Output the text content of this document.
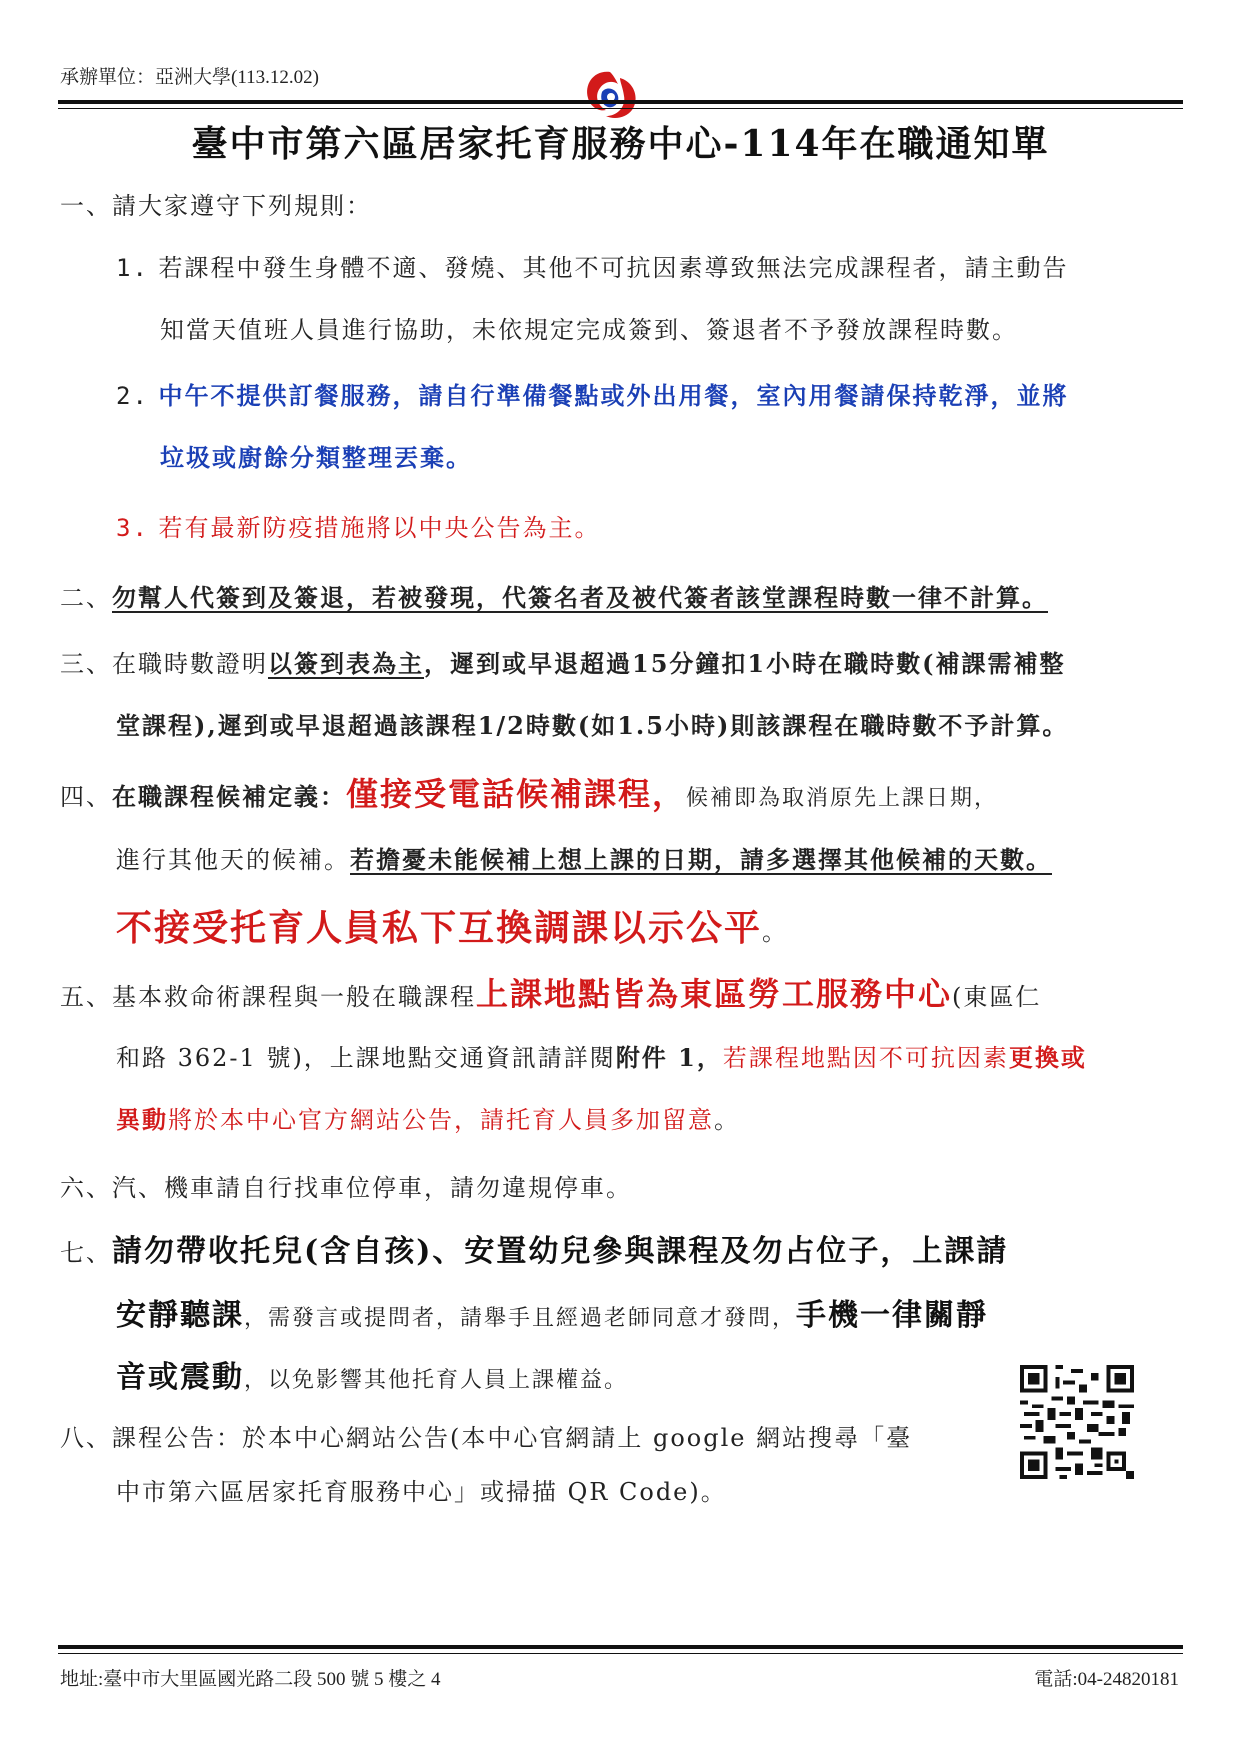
承辦單位：亞洲大學(113.12.02)
臺中市第六區居家托育服務中心-114年在職通知單
一、請大家遵守下列規則：
1. 若課程中發生身體不適、發燒、其他不可抗因素導致無法完成課程者，請主動告
知當天值班人員進行協助，未依規定完成簽到、簽退者不予發放課程時數。
2. 中午不提供訂餐服務，請自行準備餐點或外出用餐，室內用餐請保持乾淨，並將
垃圾或廚餘分類整理丟棄。
3. 若有最新防疫措施將以中央公告為主。
二、勿幫人代簽到及簽退，若被發現，代簽名者及被代簽者該堂課程時數一律不計算。
三、在職時數證明以簽到表為主，遲到或早退超過15分鐘扣1小時在職時數(補課需補整
堂課程),遲到或早退超過該課程1/2時數(如1.5小時)則該課程在職時數不予計算。
四、在職課程候補定義：僅接受電話候補課程，候補即為取消原先上課日期，
進行其他天的候補。若擔憂未能候補上想上課的日期，請多選擇其他候補的天數。
不接受托育人員私下互換調課以示公平。
五、基本救命術課程與一般在職課程上課地點皆為東區勞工服務中心(東區仁
和路 362-1 號)，上課地點交通資訊請詳閱附件 1，若課程地點因不可抗因素更換或
異動將於本中心官方網站公告，請托育人員多加留意。
六、汽、機車請自行找車位停車，請勿違規停車。
七、請勿帶收托兒(含自孩)、安置幼兒參與課程及勿占位子，上課請
安靜聽課，需發言或提問者，請舉手且經過老師同意才發問，手機一律關靜
音或震動，以免影響其他托育人員上課權益。
八、課程公告：於本中心網站公告(本中心官網請上 google 網站搜尋「臺
中市第六區居家托育服務中心」或掃描 QR Code)。
地址:臺中市大里區國光路二段 500 號 5 樓之 4	電話:04-24820181
